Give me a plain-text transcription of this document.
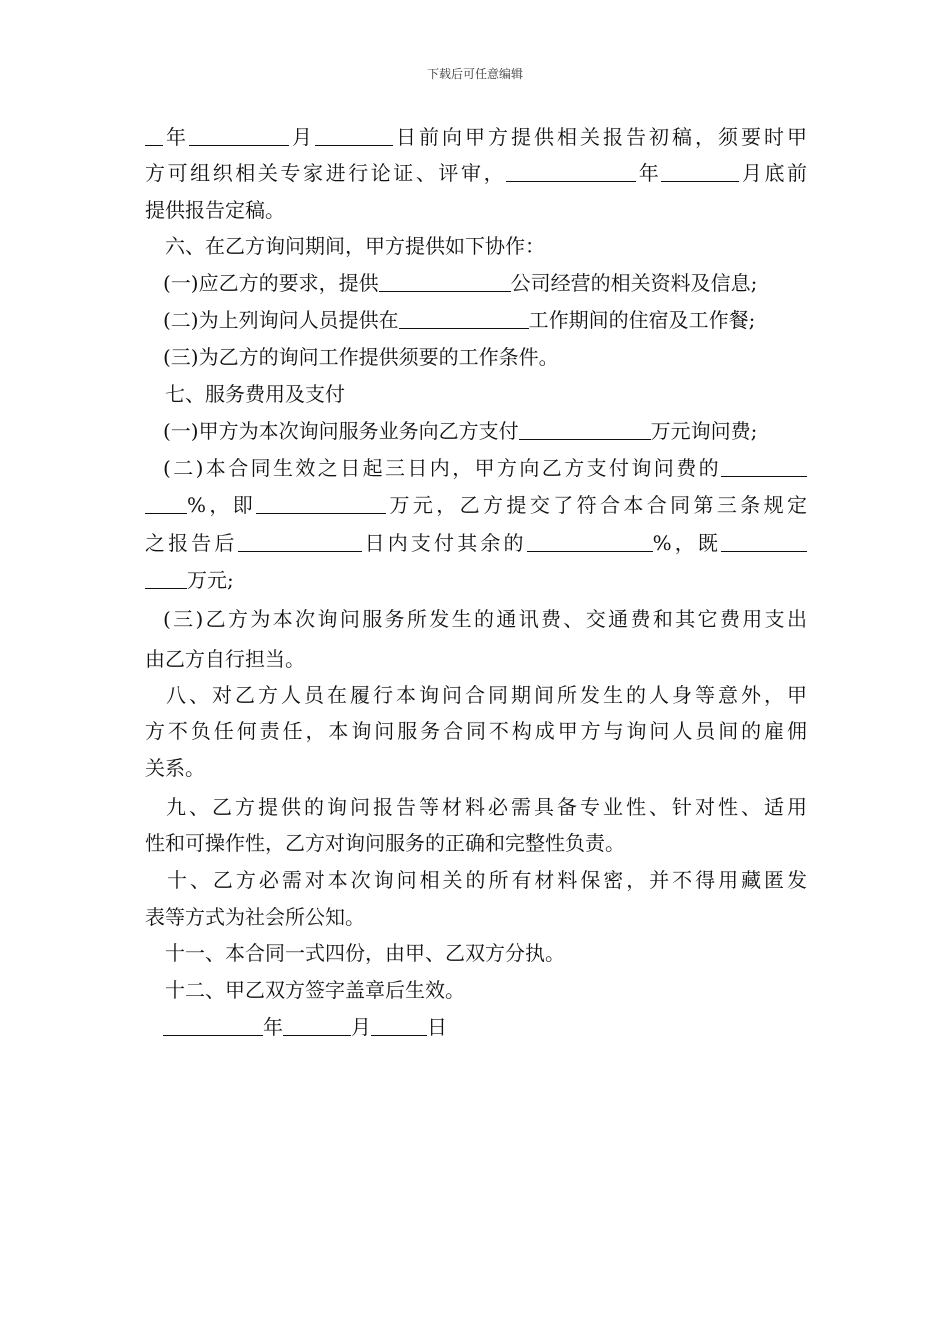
下载后可任意编辑
年	月	日前向甲方提供相关报告初稿，须要时甲
方可组织相关专家进行论证、评审，	年	月底前
提供报告定稿。
六、在乙方询问期间，甲方提供如下协作：
(一)应乙方的要求，提供	公司经营的相关资料及信息;
(二)为上列询问人员提供在	工作期间的住宿及工作餐;
(三)为乙方的询问工作提供须要的工作条件。
七、服务费用及支付
(一)甲方为本次询问服务业务向乙方支付	万元询问费;
(二)本合同生效之日起三日内，甲方向乙方支付询问费的
%，即	万元，乙方提交了符合本合同第三条规定
之报告后	日内支付其余的	%，既
万元;
(三)乙方为本次询问服务所发生的通讯费、交通费和其它费用支出
由乙方自行担当。
八、对乙方人员在履行本询问合同期间所发生的人身等意外，甲
方不负任何责任，本询问服务合同不构成甲方与询问人员间的雇佣
关系。
九、乙方提供的询问报告等材料必需具备专业性、针对性、适用
性和可操作性，乙方对询问服务的正确和完整性负责。
十、乙方必需对本次询问相关的所有材料保密，并不得用藏匿发
表等方式为社会所公知。
十一、本合同一式四份，由甲、乙双方分执。
十二、甲乙双方签字盖章后生效。
年	月	日
